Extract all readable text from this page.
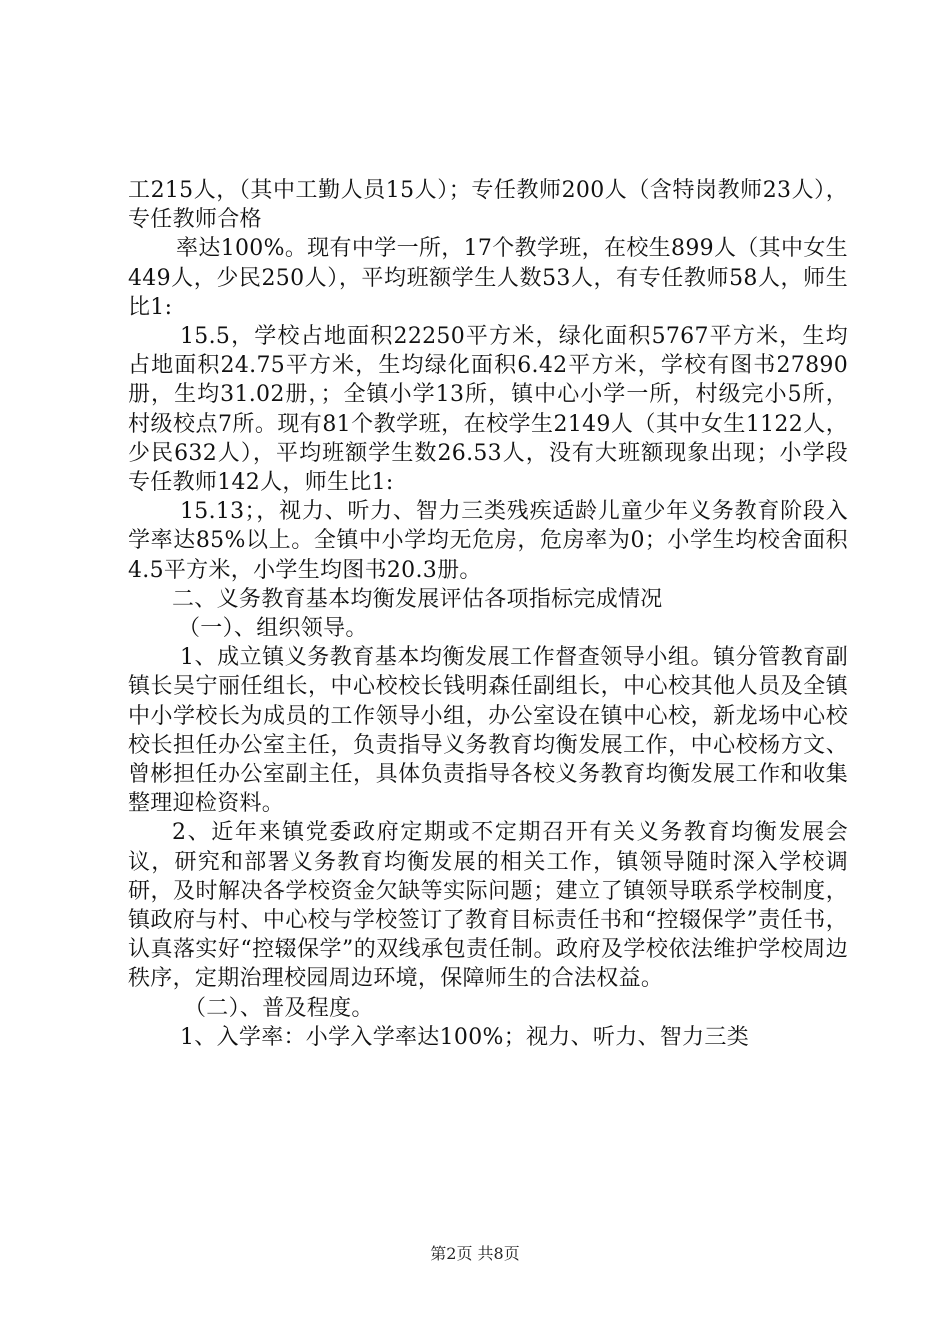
工215人，（其中工勤人员15人）；专任教师200人（含特岗教师23人），专任教师合格

率达100%。现有中学一所，17个教学班，在校生899人（其中女生449人，少民250人），平均班额学生人数53人，有专任教师58人，师生比1:

15.5，学校占地面积22250平方米，绿化面积5767平方米，生均占地面积24.75平方米，生均绿化面积6.42平方米，学校有图书27890册，生均31.02册，；全镇小学13所，镇中心小学一所，村级完小5所，村级校点7所。现有81个教学班，在校学生2149人（其中女生1122人，少民632人），平均班额学生数26.53人，没有大班额现象出现；小学段专任教师142人，师生比1:

15.13；，视力、听力、智力三类残疾适龄儿童少年义务教育阶段入学率达85%以上。全镇中小学均无危房，危房率为0；小学生均校舍面积4.5平方米，小学生均图书20.3册。

二、义务教育基本均衡发展评估各项指标完成情况

（一）、组织领导。

1、成立镇义务教育基本均衡发展工作督查领导小组。镇分管教育副镇长吴宁丽任组长，中心校校长钱明森任副组长，中心校其他人员及全镇中小学校长为成员的工作领导小组，办公室设在镇中心校，新龙场中心校校长担任办公室主任，负责指导义务教育均衡发展工作，中心校杨方文、曾彬担任办公室副主任，具体负责指导各校义务教育均衡发展工作和收集整理迎检资料。

2、近年来镇党委政府定期或不定期召开有关义务教育均衡发展会议，研究和部署义务教育均衡发展的相关工作，镇领导随时深入学校调研，及时解决各学校资金欠缺等实际问题；建立了镇领导联系学校制度，镇政府与村、中心校与学校签订了教育目标责任书和“控辍保学”责任书，认真落实好“控辍保学”的双线承包责任制。政府及学校依法维护学校周边秩序，定期治理校园周边环境，保障师生的合法权益。

（二）、普及程度。

1、入学率：小学入学率达100%；视力、听力、智力三类

第2页 共8页
